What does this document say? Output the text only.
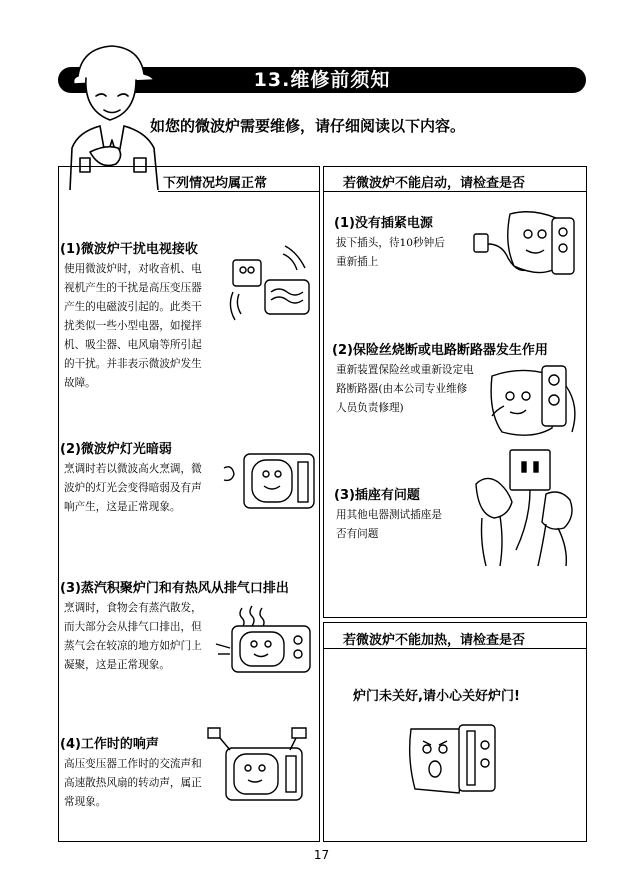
13.维修前须知
如您的微波炉需要维修，请仔细阅读以下内容。
下列情况均属正常
(1)微波炉干扰电视接收
使用微波炉时，对收音机、电
视机产生的干扰是高压变压器
产生的电磁波引起的。此类干
扰类似一些小型电器，如搅拌
机、吸尘器、电风扇等所引起
的干扰。并非表示微波炉发生
故障。
(2)微波炉灯光暗弱
烹调时若以微波高火烹调，微
波炉的灯光会变得暗弱及有声
响产生，这是正常现象。
(3)蒸汽积聚炉门和有热风从排气口排出
烹调时，食物会有蒸汽散发，
而大部分会从排气口排出，但
蒸气会在较凉的地方如炉门上
凝聚，这是正常现象。
(4)工作时的响声
高压变压器工作时的交流声和
高速散热风扇的转动声，属正
常现象。
若微波炉不能启动，请检查是否
(1)没有插紧电源
拔下插头，待10秒钟后
重新插上
(2)保险丝烧断或电路断路器发生作用
重新装置保险丝或重新设定电
路断路器(由本公司专业维修
人员负责修理)
(3)插座有问题
用其他电器测试插座是
否有问题
若微波炉不能加热，请检查是否
炉门未关好,请小心关好炉门!
17
